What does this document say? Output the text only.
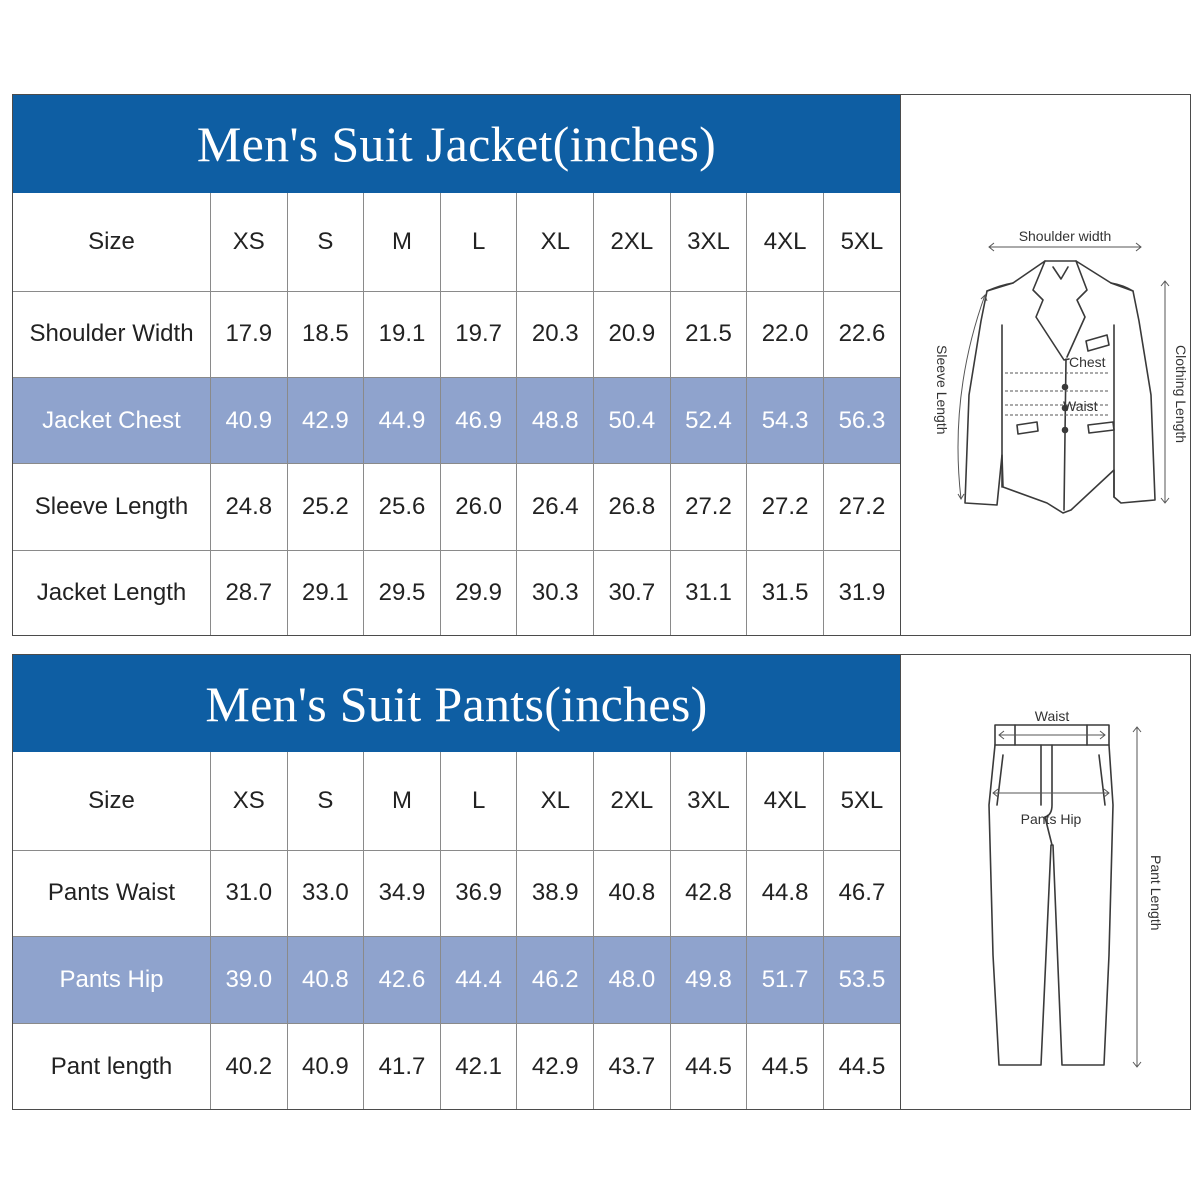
Men's Suit Jacket(inches)
Size	XS	S	M	L	XL	2XL	3XL	4XL	5XL
Shoulder Width	17.9	18.5	19.1	19.7	20.3	20.9	21.5	22.0	22.6
Jacket Chest	40.9	42.9	44.9	46.9	48.8	50.4	52.4	54.3	56.3
Sleeve Length	24.8	25.2	25.6	26.0	26.4	26.8	27.2	27.2	27.2
Jacket Length	28.7	29.1	29.5	29.9	30.3	30.7	31.1	31.5	31.9
Shoulder width
Chest
Waist
Sleeve Length	Clothing Length
Men's Suit Pants(inches)
Size	XS	S	M	L	XL	2XL	3XL	4XL	5XL
Pants Waist	31.0	33.0	34.9	36.9	38.9	40.8	42.8	44.8	46.7
Pants Hip	39.0	40.8	42.6	44.4	46.2	48.0	49.8	51.7	53.5
Pant length	40.2	40.9	41.7	42.1	42.9	43.7	44.5	44.5	44.5
Waist
Pants Hip
Pant Length
